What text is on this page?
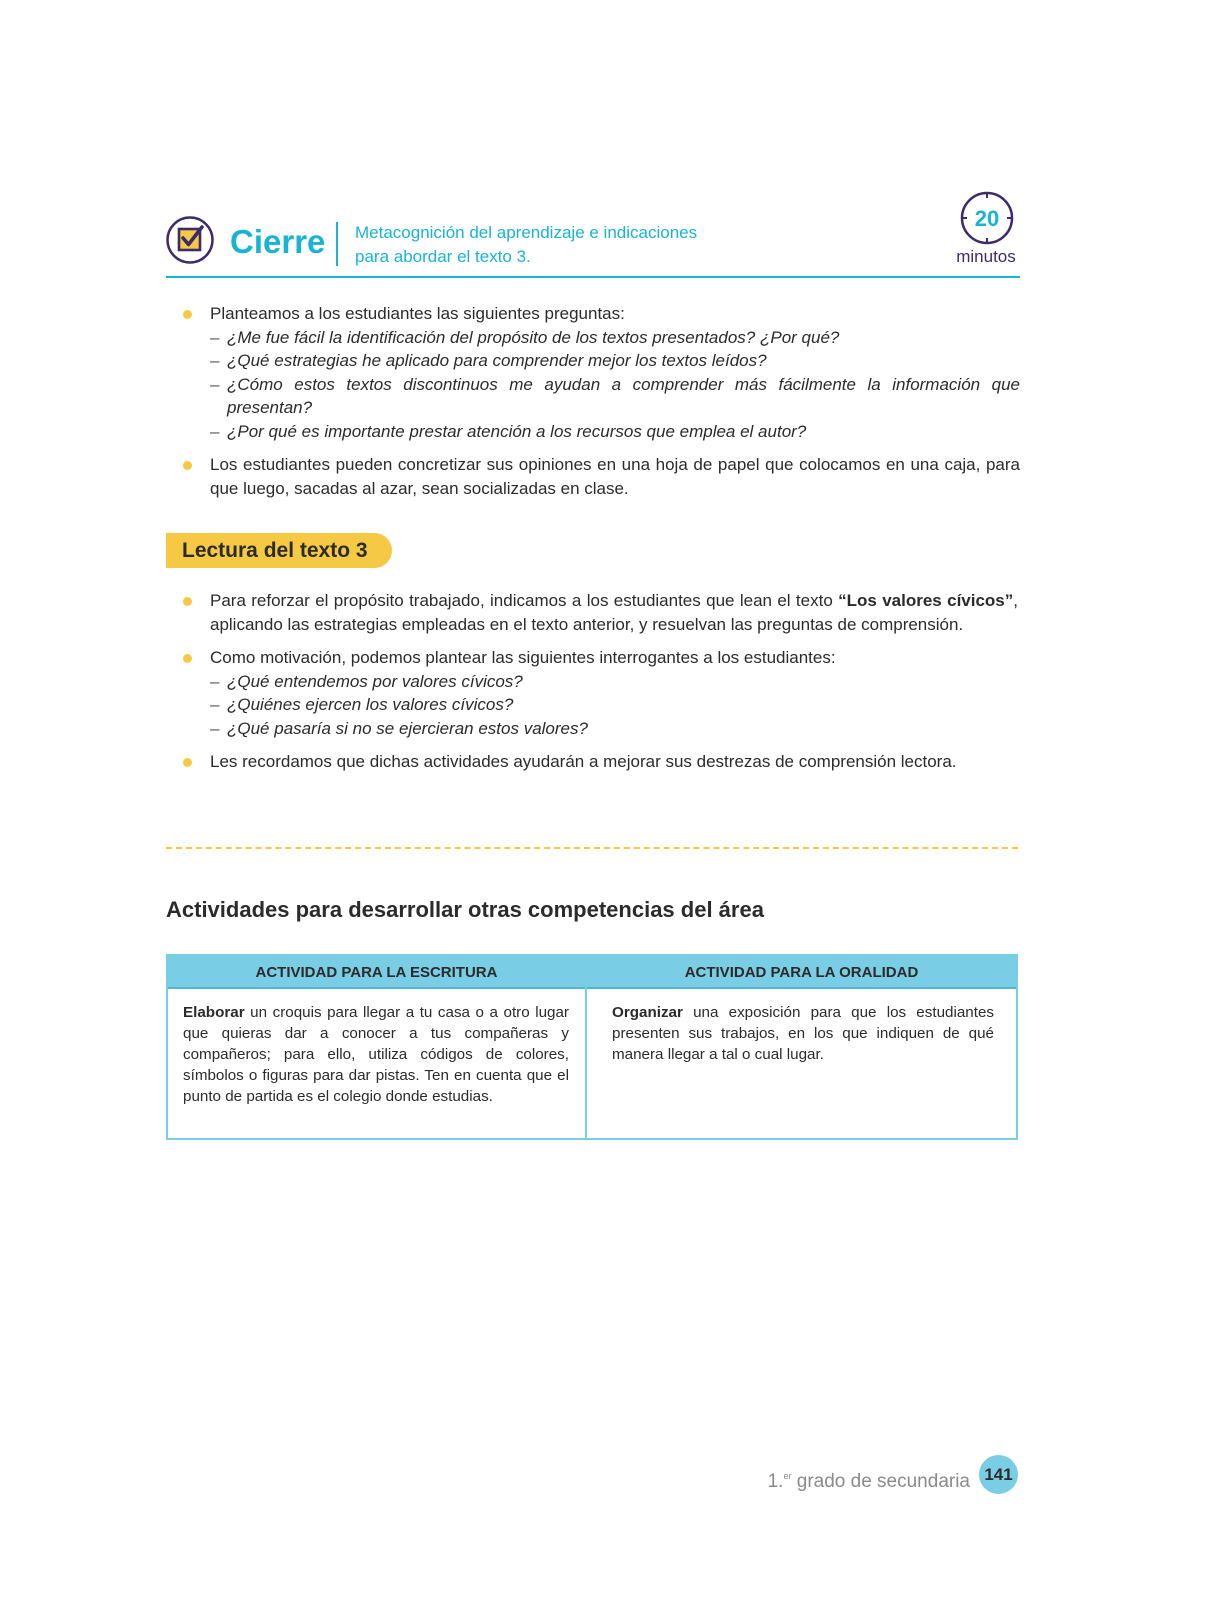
Cierre Metacognición del aprendizaje e indicaciones
para abordar el texto 3.
20
minutos
Planteamos a los estudiantes las siguientes preguntas:
– ¿Me fue fácil la identificación del propósito de los textos presentados? ¿Por qué?
– ¿Qué estrategias he aplicado para comprender mejor los textos leídos?
– ¿Cómo estos textos discontinuos me ayudan a comprender más fácilmente la información que presentan?
– ¿Por qué es importante prestar atención a los recursos que emplea el autor?
Los estudiantes pueden concretizar sus opiniones en una hoja de papel que colocamos en una caja, para que luego, sacadas al azar, sean socializadas en clase.
Lectura del texto 3
Para reforzar el propósito trabajado, indicamos a los estudiantes que lean el texto “Los valores cívicos”, aplicando las estrategias empleadas en el texto anterior, y resuelvan las preguntas de comprensión.
Como motivación, podemos plantear las siguientes interrogantes a los estudiantes:
– ¿Qué entendemos por valores cívicos?
– ¿Quiénes ejercen los valores cívicos?
– ¿Qué pasaría si no se ejercieran estos valores?
Les recordamos que dichas actividades ayudarán a mejorar sus destrezas de comprensión lectora.
Actividades para desarrollar otras competencias del área
ACTIVIDAD PARA LA ESCRITURA
Elaborar un croquis para llegar a tu casa o a otro lugar que quieras dar a conocer a tus compañeras y compañeros; para ello, utiliza códigos de colores, símbolos o figuras para dar pistas. Ten en cuenta que el punto de partida es el colegio donde estudias.
ACTIVIDAD PARA LA ORALIDAD
Organizar una exposición para que los estudiantes presenten sus trabajos, en los que indiquen de qué manera llegar a tal o cual lugar.
1.$^{er}$ grado de secundaria 141
